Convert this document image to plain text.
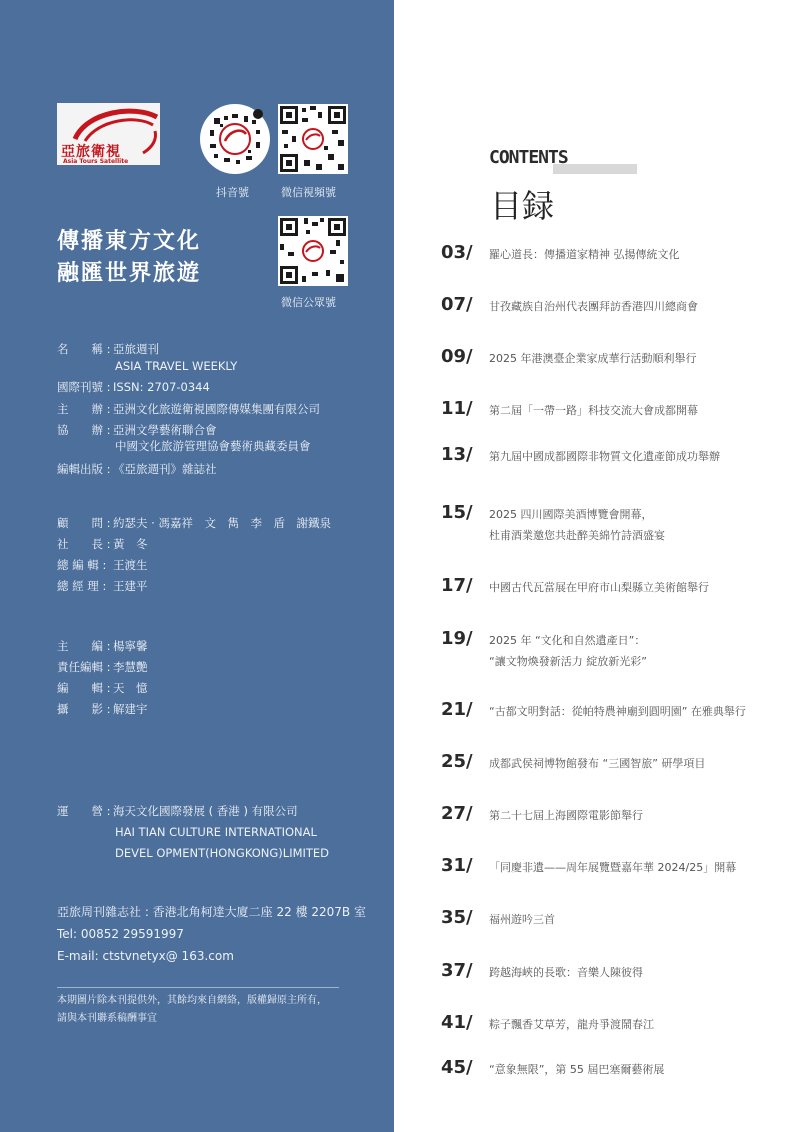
亞旅衛視
Asia Tours Satellite
抖音號	微信視頻號
微信公眾號
傳播東方文化
融匯世界旅遊
名　　稱 : 亞旅週刊
ASIA TRAVEL WEEKLY
國際刊號 : ISSN: 2707-0344
主　　辦 : 亞洲文化旅遊衛視國際傳媒集團有限公司
協　　辦 : 亞洲文學藝術聯合會
中國文化旅游管理協會藝術典藏委員會
編輯出版 : 《亞旅週刊》雜誌社
顧　　問 : 約瑟夫 · 馮嘉祥　文　雋　李　盾　謝鐵泉
社　　長 : 黃　冬
總 編 輯 : 王渡生
總 經 理 : 王建平
主　　編 : 楊寧馨
責任編輯 : 李慧艷
編　　輯 : 天　憶
攝　　影 : 解建宇
運　　營 : 海天文化國際發展 ( 香港 ) 有限公司
HAI TIAN CULTURE INTERNATIONAL
DEVEL OPMENT(HONGKONG)LIMITED
亞旅周刊雜志社 : 香港北角柯達大廈二座 22 樓 2207B 室
Tel: 00852 29591997
E-mail: ctstvnetyx@ 163.com
本期圖片除本刊提供外，其餘均來自網絡，版權歸原主所有，
請與本刊聯系稿酬事宜
CONTENTS
目録
03/ 羅心道長：傳播道家精神 弘揚傳統文化
07/ 甘孜藏族自治州代表團拜訪香港四川總商會
09/ 2025 年港澳臺企業家成華行活動順利舉行
11/ 第二屆「一帶一路」科技交流大會成都開幕
13/ 第九屆中國成都國際非物質文化遺產節成功舉辦
15/ 2025 四川國際美酒博覽會開幕，
杜甫酒業邀您共赴醉美綿竹詩酒盛宴
17/ 中國古代瓦當展在甲府市山梨縣立美術館舉行
19/ 2025 年 “文化和自然遺產日”：
“讓文物煥發新活力 綻放新光彩”
21/ “古都文明對話：從帕特農神廟到圓明園” 在雅典舉行
25/ 成都武侯祠博物館發布 “三國智旅” 研學項目
27/ 第二十七屆上海國際電影節舉行
31/ 「同慶非遺——周年展覽暨嘉年華 2024/25」開幕
35/ 福州遊吟三首
37/ 跨越海峽的長歌：音樂人陳彼得
41/ 粽子飄香艾草芳，龍舟爭渡鬧春江
45/ “意象無限”，第 55 屆巴塞爾藝術展
